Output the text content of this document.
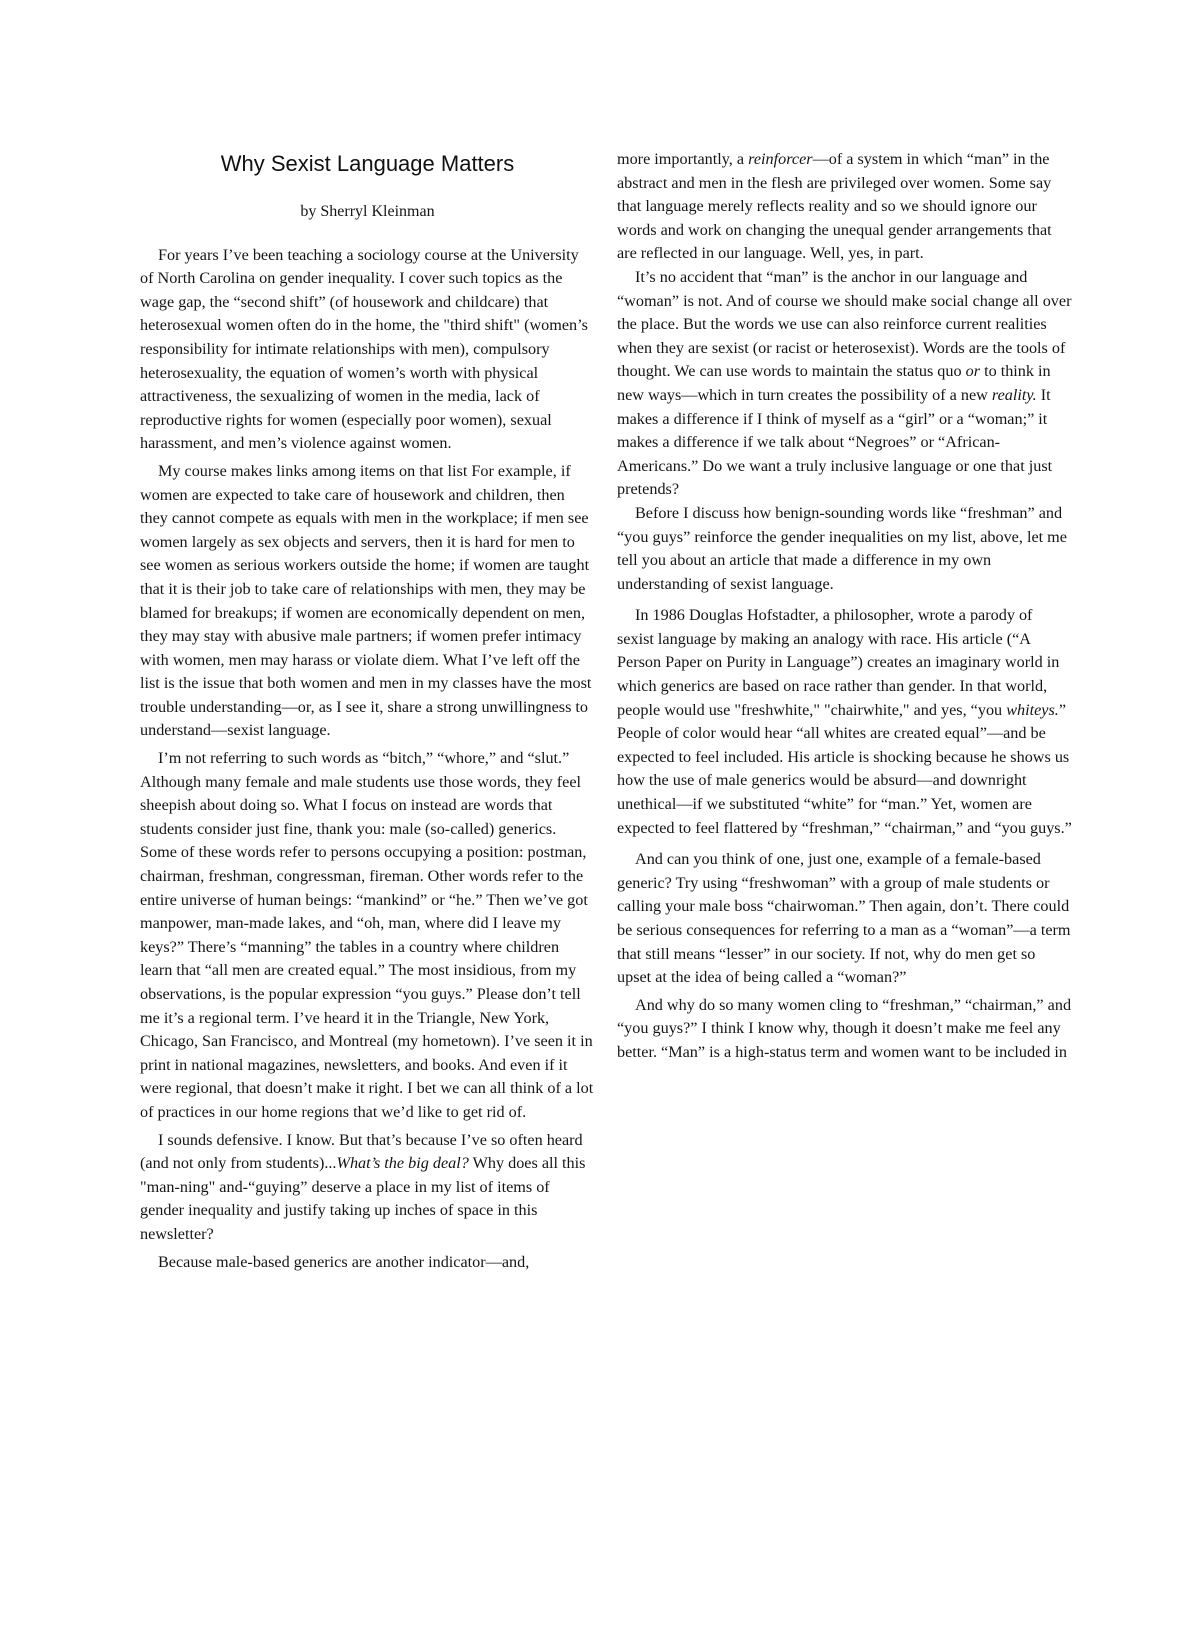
Why Sexist Language Matters
by Sherryl Kleinman

For years I’ve been teaching a sociology course at the University of North Carolina on gender inequality. I cover such topics as the wage gap, the “second shift” (of housework and childcare) that heterosexual women often do in the home, the "third shift" (women’s responsibility for intimate relationships with men), compulsory heterosexuality, the equation of women’s worth with physical attractiveness, the sexualizing of women in the media, lack of reproductive rights for women (especially poor women), sexual harassment, and men’s violence against women.

My course makes links among items on that list For example, if women are expected to take care of housework and children, then they cannot compete as equals with men in the workplace; if men see women largely as sex objects and servers, then it is hard for men to see women as serious workers outside the home; if women are taught that it is their job to take care of relationships with men, they may be blamed for breakups; if women are economically dependent on men, they may stay with abusive male partners; if women prefer intimacy with women, men may harass or violate diem. What I’ve left off the list is the issue that both women and men in my classes have the most trouble understanding—or, as I see it, share a strong unwillingness to understand—sexist language.

I’m not referring to such words as “bitch,” “whore,” and “slut.” Although many female and male students use those words, they feel sheepish about doing so. What I focus on instead are words that students consider just fine, thank you: male (so-called) generics. Some of these words refer to persons occupying a position: postman, chairman, freshman, congressman, fireman. Other words refer to the entire universe of human beings: “mankind” or “he.” Then we’ve got manpower, man-made lakes, and “oh, man, where did I leave my keys?” There’s “manning” the tables in a country where children learn that “all men are created equal.” The most insidious, from my observations, is the popular expression “you guys.” Please don’t tell me it’s a regional term. I’ve heard it in the Triangle, New York, Chicago, San Francisco, and Montreal (my hometown). I’ve seen it in print in national magazines, newsletters, and books. And even if it were regional, that doesn’t make it right. I bet we can all think of a lot of practices in our home regions that we’d like to get rid of.

I sounds defensive. I know. But that’s because I’ve so often heard (and not only from students)...What’s the big deal? Why does all this "man-ning" and-“guying” deserve a place in my list of items of gender inequality and justify taking up inches of space in this newsletter?

Because male-based generics are another indicator—and,

more importantly, a reinforcer—of a system in which “man” in the abstract and men in the flesh are privileged over women. Some say that language merely reflects reality and so we should ignore our words and work on changing the unequal gender arrangements that are reflected in our language. Well, yes, in part.

It’s no accident that “man” is the anchor in our language and “woman” is not. And of course we should make social change all over the place. But the words we use can also reinforce current realities when they are sexist (or racist or heterosexist). Words are the tools of thought. We can use words to maintain the status quo or to think in new ways—which in turn creates the possibility of a new reality. It makes a difference if I think of myself as a “girl” or a “woman;” it makes a difference if we talk about “Negroes” or “African-Americans.” Do we want a truly inclusive language or one that just pretends?

Before I discuss how benign-sounding words like “freshman” and “you guys” reinforce the gender inequalities on my list, above, let me tell you about an article that made a difference in my own understanding of sexist language.

In 1986 Douglas Hofstadter, a philosopher, wrote a parody of sexist language by making an analogy with race. His article (“A Person Paper on Purity in Language”) creates an imaginary world in which generics are based on race rather than gender. In that world, people would use "freshwhite," "chairwhite," and yes, “you whiteys.” People of color would hear “all whites are created equal”—and be expected to feel included. His article is shocking because he shows us how the use of male generics would be absurd—and downright unethical—if we substituted “white” for “man.” Yet, women are expected to feel flattered by “freshman,” “chairman,” and “you guys.”

And can you think of one, just one, example of a female-based generic? Try using “freshwoman” with a group of male students or calling your male boss “chairwoman.” Then again, don’t. There could be serious consequences for referring to a man as a “woman”—a term that still means “lesser” in our society. If not, why do men get so upset at the idea of being called a “woman?”

And why do so many women cling to “freshman,” “chairman,” and “you guys?” I think I know why, though it doesn’t make me feel any better. “Man” is a high-status term and women want to be included in
